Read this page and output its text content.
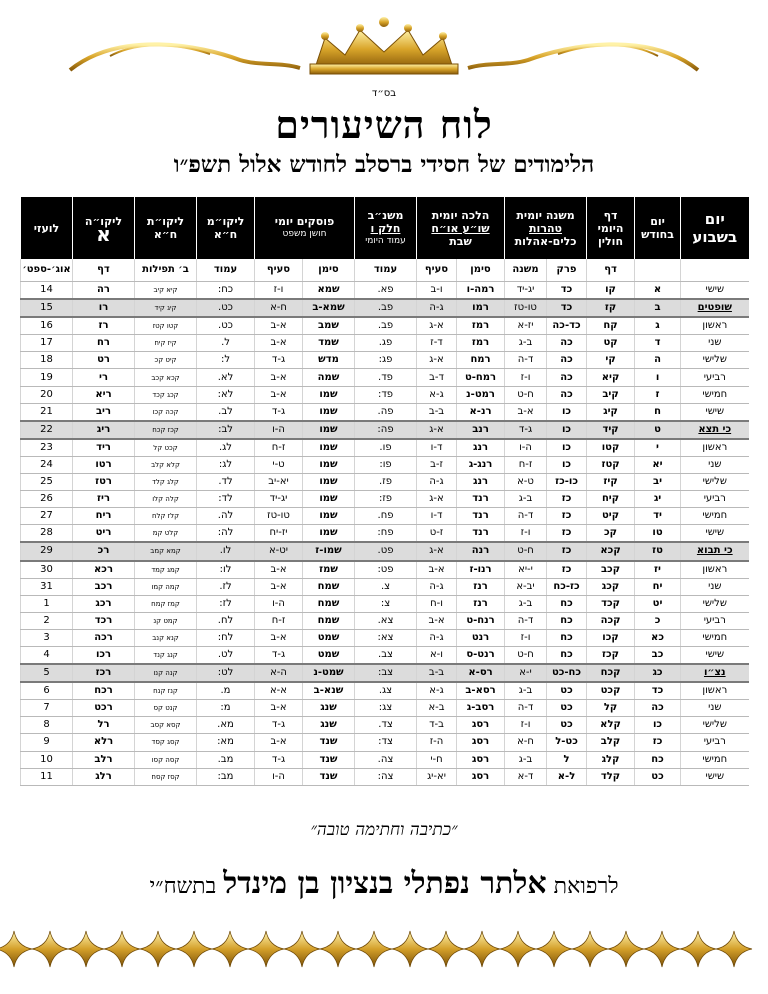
בס״ד
לוח השיעורים
הלימודים של חסידי ברסלב לחודש אלול תשפ״ו
יום
בשבוע	יום
בחודש	דף
היומי
חולין	משנה יומית
טהרות
כלים-אהלות		הלכה יומית
שו״ע או״ח
שבת		משנ״ב
חלק ו

עמוד היומי	פוסקים יומי

חושן משפט		ליקו״מ
ח״א	ליקו״ת
ח״א	ליקו״ה
א	לועזי
		דף	פרק	משנה	סימן	סעיף	עמוד	סימן	סעיף	עמוד	ב׳ תפילות	דף	אוג׳-ספט׳
שישי	א	קו	כד	יג-יד	רמה-ו	ו-ב	פא.	שמא	ו-ז	כח:	קיא קיב	רה	14
שופטים	ב	קז	כד	טו-טז	רמו	ג-ה	פב.	שמא-ב	ח-א	כט.	קיג קיד	רו	15
ראשון	ג	קח	כד-כה	יז-א	רמז	א-ג	פב.	שמב	א-ב	כט.	קטו קטז	רז	16
שני	ד	קט	כה	ב-ג	רמז	ד-ז	פג.	שמד	א-ב	ל.	קיז קיח	רח	17
שלישי	ה	קי	כה	ד-ה	רמח	א-ג	פג:	מדש	ג-ד	ל:	קיט קכ	רט	18
רביעי	ו	קיא	כה	ו-ז	רמח-ט	ד-ב	פד.	שמה	א-ב	לא.	קכא קכב	רי	19
חמישי	ז	קיב	כה	ח-ט	רמט-נ	ג-א	פד:	שמו	א-ב	לא:	קכג קכד	ריא	20
שישי	ח	קיג	כו	א-ב	רנ-א	ב-ב	פה.	שמו	ג-ד	לב.	קכה קכו	ריב	21
כי תצא	ט	קיד	כו	ג-ד	רנב	א-ג	פה:	שמו	ה-ו	לב:	קכז קכח	ריג	22
ראשון	י	קטו	כו	ה-ו	רנג	ד-ו	פו.	שמו	ז-ח	לג.	קכט קל	ריד	23
שני	יא	קטז	כו	ז-ח	רנג-ג	ז-ב	פו:	שמו	ט-י	לג:	קלא קלב	רטו	24
שלישי	יב	קיז	כו-כז	ט-א	רנג	ג-ה	פז.	שמו	יא-יב	לד.	קלג קלד	רטז	25
רביעי	יג	קיח	כז	ב-ג	רנד	א-ג	פז:	שמו	יג-יד	לד:	קלה קלו	ריז	26
חמישי	יד	קיט	כז	ד-ה	רנד	ד-ו	פח.	שמו	טו-טז	לה.	קלז קלח	ריח	27
שישי	טו	קכ	כז	ו-ז	רנד	ז-ט	פח:	שמו	יז-יח	לה:	קלט קמ	ריט	28
כי תבוא	טז	קכא	כז	ח-ט	רנה	א-ג	פט.	שמו-ז	יט-א	לו.	קמא קמב	רכ	29
ראשון	יז	קכב	כז	י-יא	רנו-ז	א-ב	פט:	שמז	א-ב	לו:	קמג קמד	רכא	30
שני	יח	קכג	כז-כח	יב-א	רנז	ג-ה	צ.	שמח	א-ב	לז.	קמה קמו	רכב	31
שלישי	יט	קכד	כח	ב-ג	רנז	ו-ח	צ:	שמח	ה-ו	לז:	קמז קמח	רכג	1
רביעי	כ	קכה	כח	ד-ה	רנח-ט	א-ב	צא.	שמח	ז-ח	לח.	קמט קנ	רכד	2
חמישי	כא	קכו	כח	ו-ז	רנט	ג-ה	צא:	שמט	א-ב	לח:	קנא קנב	רכה	3
שישי	כב	קכז	כח	ח-ט	רנט-ס	ו-א	צב.	שמט	ג-ד	לט.	קנג קנד	רכו	4
נצ״ו	כג	קכח	כח-כט	י-א	רס-א	ב-ב	צב:	שמט-נ	ה-א	לט:	קנה קנו	רכז	5
ראשון	כד	קכט	כט	ב-ג	רסא-ב	ג-א	צג.	שנא-ב	א-א	מ.	קנז קנח	רכח	6
שני	כה	קל	כט	ד-ה	רסב-ג	ב-א	צג:	שנג	א-ב	מ:	קנט קס	רכט	7
שלישי	כו	קלא	כט	ו-ז	רסג	ב-ד	צד.	שנג	ג-ד	מא.	קסא קסב	רל	8
רביעי	כז	קלב	כט-ל	ח-א	רסג	ה-ז	צד:	שנד	א-ב	מא:	קסג קסד	רלא	9
חמישי	כח	קלג	ל	ב-ג	רסג	ח-י	צה.	שנד	ג-ד	מב.	קסה קסו	רלב	10
שישי	כט	קלד	ל-א	ד-א	רסג	יא-יג	צה:	שנד	ה-ו	מב:	קסז קסח	רלג	11
״כתיבה וחתימה טובה״
לרפואת אלתר נפתלי בנציון בן מינדל בתשח״י
